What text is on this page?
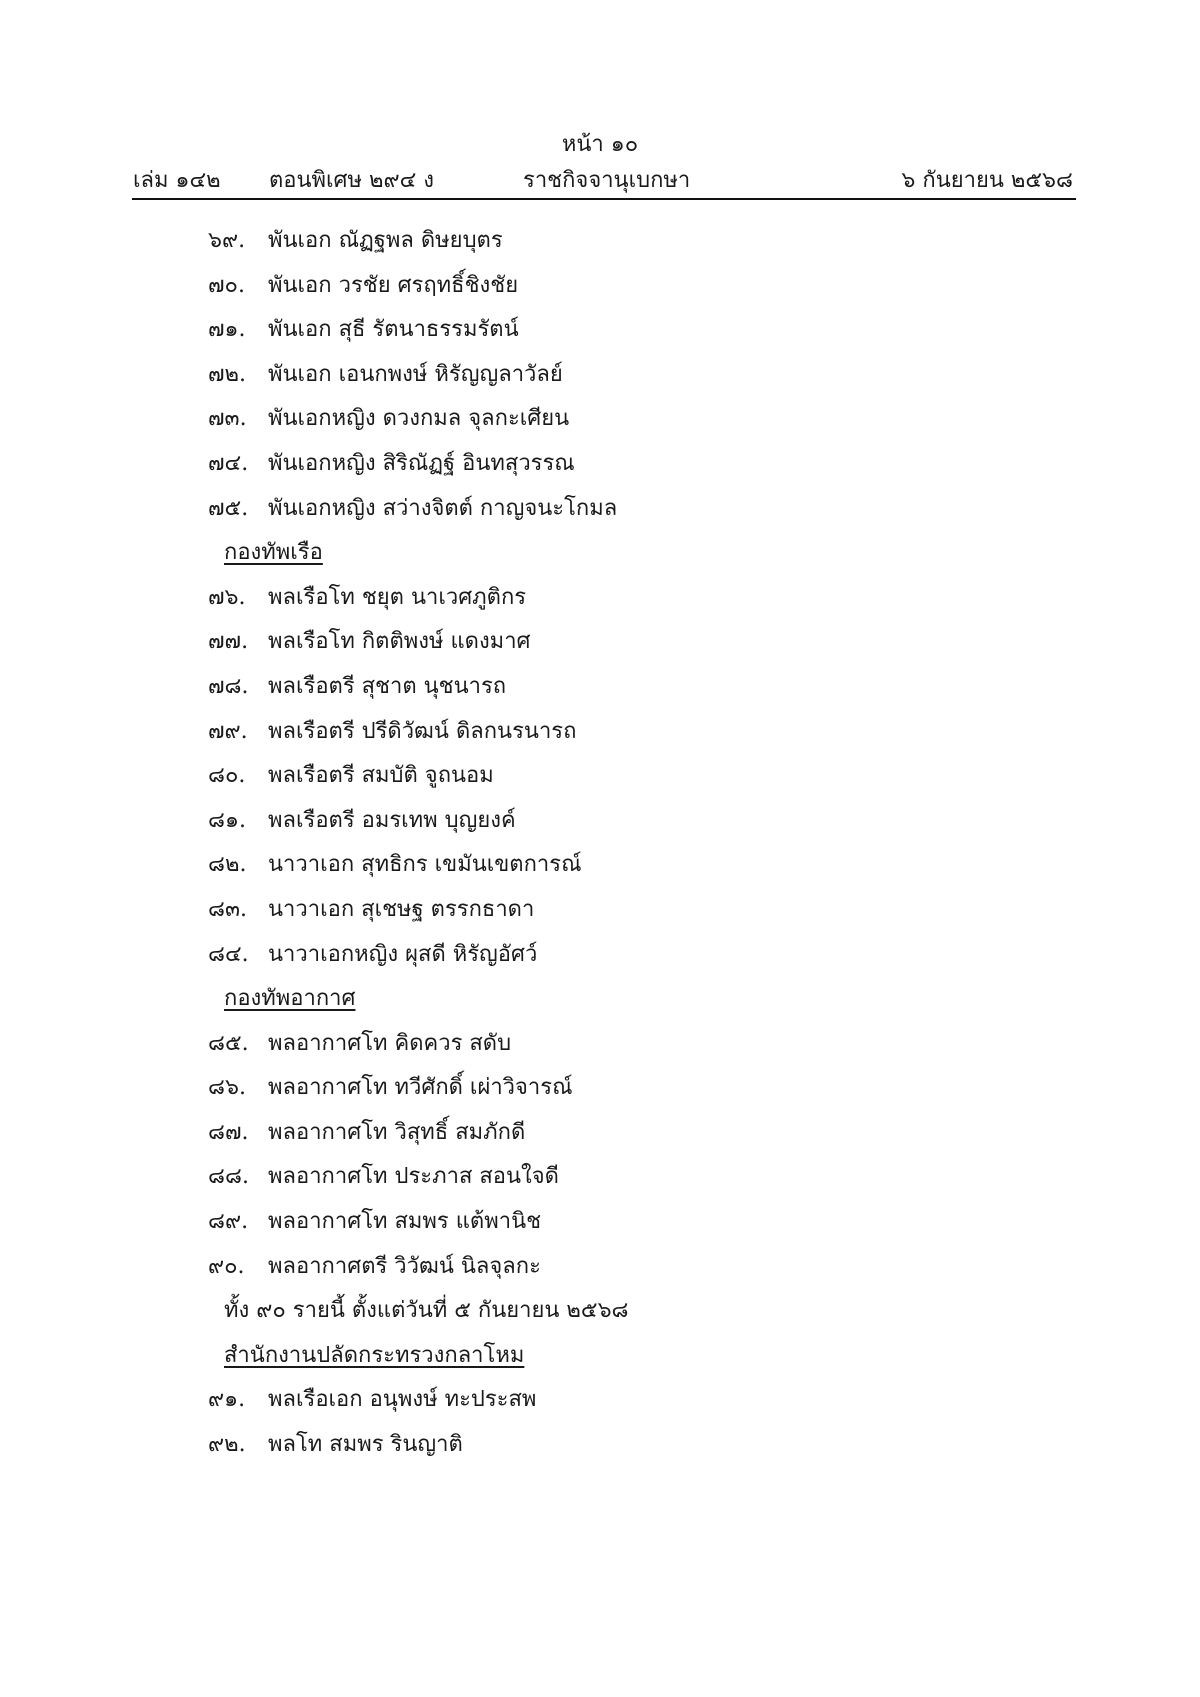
หน้า ๑๐
เล่ม ๑๔๒ ตอนพิเศษ ๒๙๔ ง	ราชกิจจานุเบกษา	๖ กันยายน ๒๕๖๘
๖๙. พันเอก ณัฏฐพล ดิษยบุตร
๗๐. พันเอก วรชัย ศรฤทธิ์ชิงชัย
๗๑. พันเอก สุธี รัตนาธรรมรัตน์
๗๒. พันเอก เอนกพงษ์ หิรัญญลาวัลย์
๗๓. พันเอกหญิง ดวงกมล จุลกะเศียน
๗๔. พันเอกหญิง สิริณัฏฐ์ อินทสุวรรณ
๗๕. พันเอกหญิง สว่างจิตต์ กาญจนะโกมล
กองทัพเรือ
๗๖. พลเรือโท ชยุต นาเวศภูติกร
๗๗. พลเรือโท กิตติพงษ์ แดงมาศ
๗๘. พลเรือตรี สุชาต นุชนารถ
๗๙. พลเรือตรี ปรีดิวัฒน์ ดิลกนรนารถ
๘๐. พลเรือตรี สมบัติ จูถนอม
๘๑. พลเรือตรี อมรเทพ บุญยงค์
๘๒. นาวาเอก สุทธิกร เขมันเขตการณ์
๘๓. นาวาเอก สุเชษฐ ตรรกธาดา
๘๔. นาวาเอกหญิง ผุสดี หิรัญอัศว์
กองทัพอากาศ
๘๕. พลอากาศโท คิดควร สดับ
๘๖. พลอากาศโท ทวีศักดิ์ เผ่าวิจารณ์
๘๗. พลอากาศโท วิสุทธิ์ สมภักดี
๘๘. พลอากาศโท ประภาส สอนใจดี
๘๙. พลอากาศโท สมพร แต้พานิช
๙๐. พลอากาศตรี วิวัฒน์ นิลจุลกะ
ทั้ง ๙๐ รายนี้ ตั้งแต่วันที่ ๕ กันยายน ๒๕๖๘
สำนักงานปลัดกระทรวงกลาโหม
๙๑. พลเรือเอก อนุพงษ์ ทะประสพ
๙๒. พลโท สมพร รินญาติ
